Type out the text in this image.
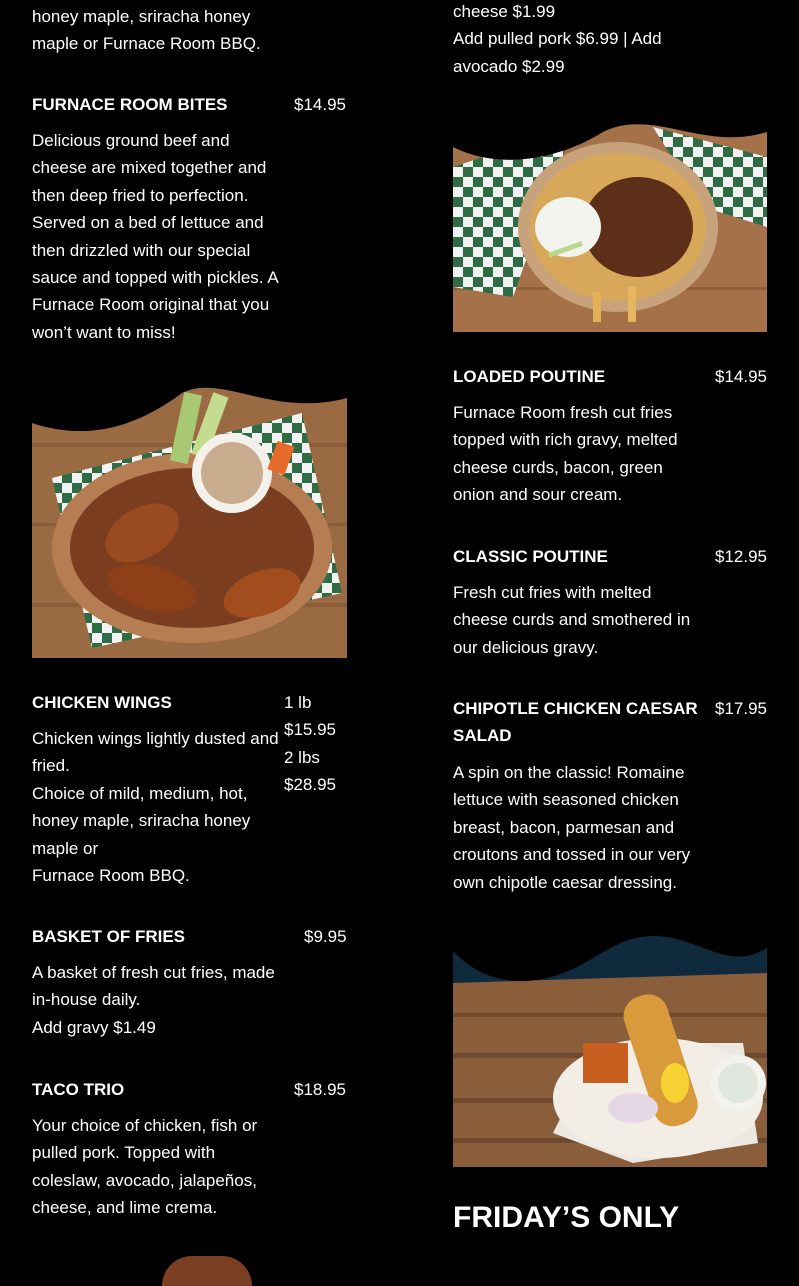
honey maple, sriracha honey
maple or Furnace Room BBQ.
FURNACE ROOM BITES	$14.95
Delicious ground beef and
cheese are mixed together and
then deep fried to perfection.
Served on a bed of lettuce and
then drizzled with our special
sauce and topped with pickles. A
Furnace Room original that you
won’t want to miss!
CHICKEN WINGS	1 lb $15.95
2 lbs $28.95
Chicken wings lightly dusted and
fried.
Choice of mild, medium, hot,
honey maple, sriracha honey
maple or
Furnace Room BBQ.
BASKET OF FRIES	$9.95
A basket of fresh cut fries, made
in-house daily.
Add gravy $1.49
TACO TRIO	$18.95
Your choice of chicken, fish or
pulled pork. Topped with
coleslaw, avocado, jalapeños,
cheese, and lime crema.
cheese $1.99
Add pulled pork $6.99 | Add
avocado $2.99
LOADED POUTINE	$14.95
Furnace Room fresh cut fries
topped with rich gravy, melted
cheese curds, bacon, green
onion and sour cream.
CLASSIC POUTINE	$12.95
Fresh cut fries with melted
cheese curds and smothered in
our delicious gravy.
CHIPOTLE CHICKEN CAESAR
SALAD
$17.95
A spin on the classic! Romaine
lettuce with seasoned chicken
breast, bacon, parmesan and
croutons and tossed in our very
own chipotle caesar dressing.
FRIDAY’S ONLY
